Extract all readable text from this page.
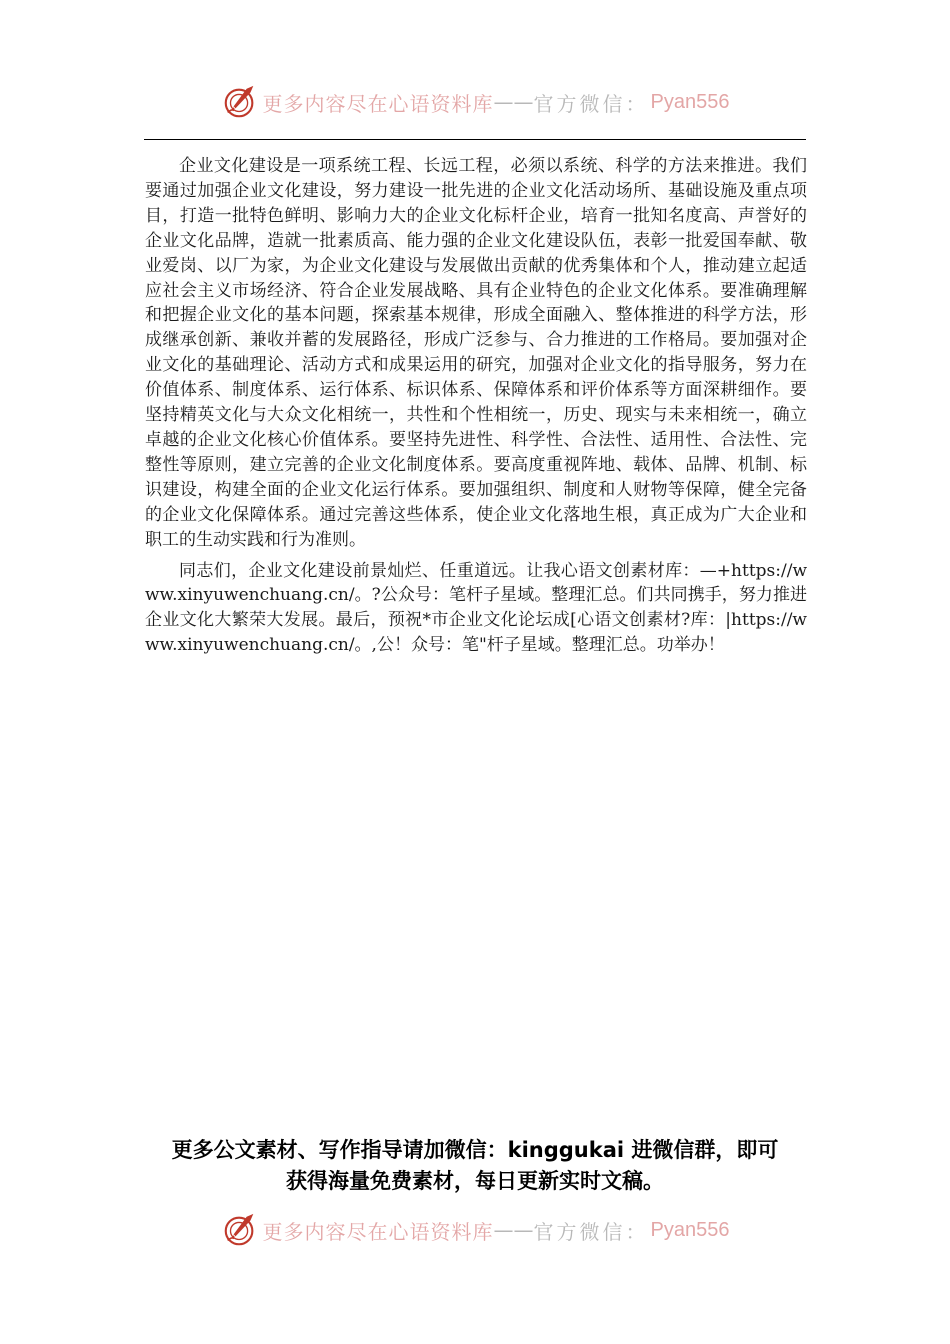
更多内容尽在心语资料库 —— 官方微信： Pyan556

企业文化建设是一项系统工程、长远工程，必须以系统、科学的方法来推进。我们要通过加强企业文化建设，努力建设一批先进的企业文化活动场所、基础设施及重点项目，打造一批特色鲜明、影响力大的企业文化标杆企业，培育一批知名度高、声誉好的企业文化品牌，造就一批素质高、能力强的企业文化建设队伍，表彰一批爱国奉献、敬业爱岗、以厂为家，为企业文化建设与发展做出贡献的优秀集体和个人，推动建立起适应社会主义市场经济、符合企业发展战略、具有企业特色的企业文化体系。要准确理解和把握企业文化的基本问题，探索基本规律，形成全面融入、整体推进的科学方法，形成继承创新、兼收并蓄的发展路径，形成广泛参与、合力推进的工作格局。要加强对企业文化的基础理论、活动方式和成果运用的研究，加强对企业文化的指导服务，努力在价值体系、制度体系、运行体系、标识体系、保障体系和评价体系等方面深耕细作。要坚持精英文化与大众文化相统一，共性和个性相统一，历史、现实与未来相统一，确立卓越的企业文化核心价值体系。要坚持先进性、科学性、合法性、适用性、合法性、完整性等原则，建立完善的企业文化制度体系。要高度重视阵地、载体、品牌、机制、标识建设，构建全面的企业文化运行体系。要加强组织、制度和人财物等保障，健全完备的企业文化保障体系。通过完善这些体系，使企业文化落地生根，真正成为广大企业和职工的生动实践和行为准则。

同志们，企业文化建设前景灿烂、任重道远。让我心语文创素材库：—+https://www.xinyuwenchuang.cn/。?公众号：笔杆子星域。整理汇总。们共同携手，努力推进企业文化大繁荣大发展。最后，预祝*市企业文化论坛成[心语文创素材?库：|https://www.xinyuwenchuang.cn/。,公！众号：笔"杆子星域。整理汇总。功举办！

更多公文素材、写作指导请加微信：kinggukai 进微信群，即可
获得海量免费素材，每日更新实时文稿。
更多内容尽在心语资料库 —— 官方微信： Pyan556
